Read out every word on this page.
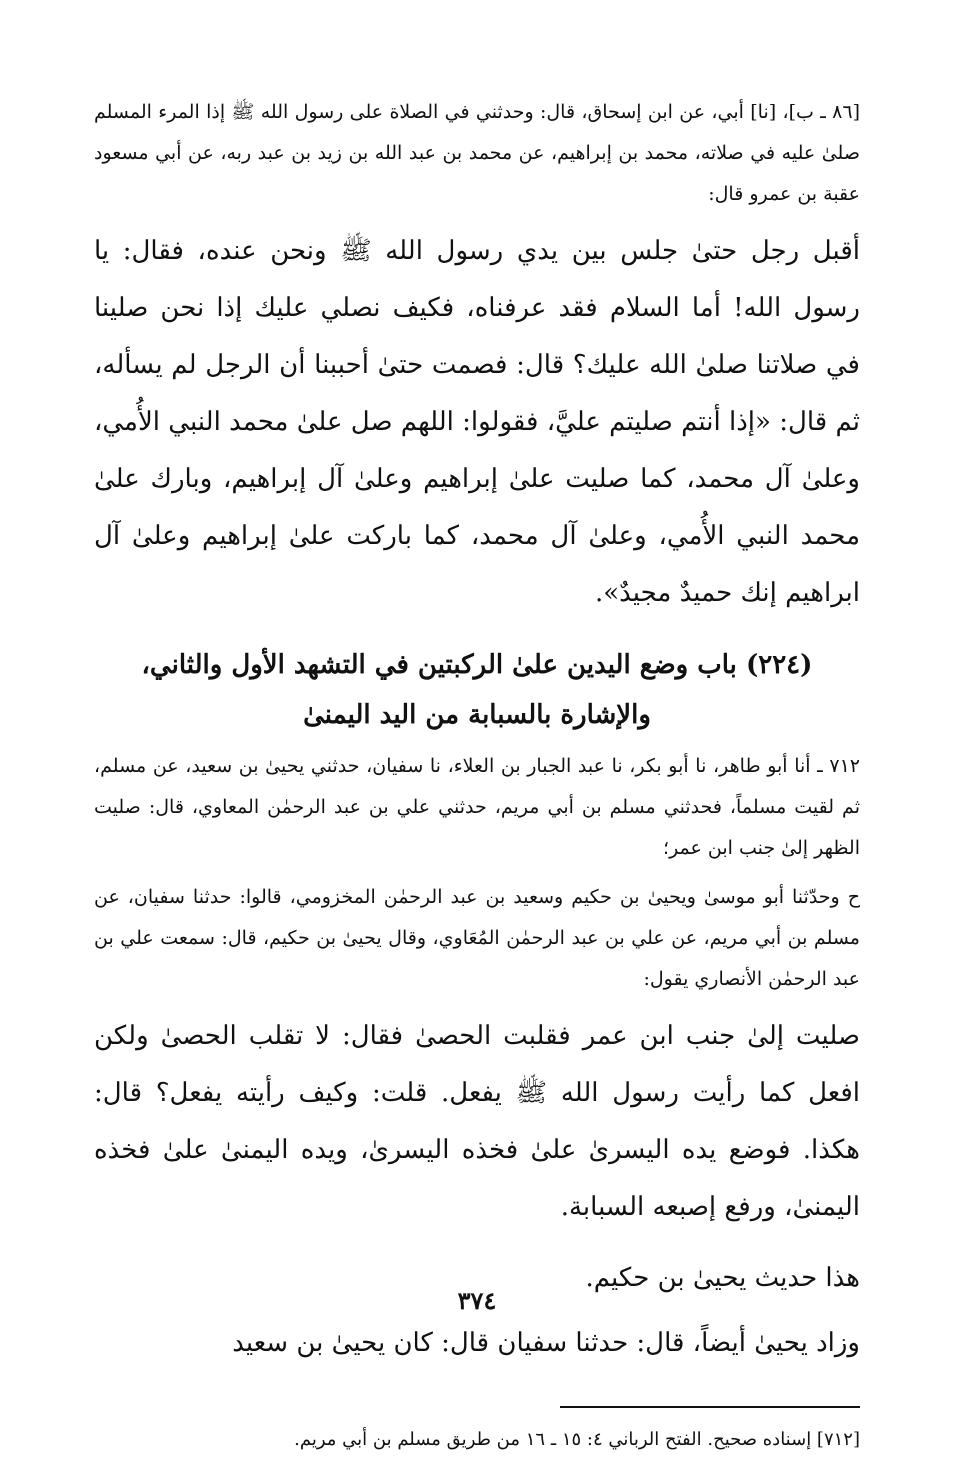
[٨٦ ـ ب]، [نا] أبي، عن ابن إسحاق، قال: وحدثني في الصلاة على رسول الله ﷺ إذا المرء المسلم صلىٰ عليه في صلاته، محمد بن إبراهيم، عن محمد بن عبد الله بن زيد بن عبد ربه، عن أبي مسعود عقبة بن عمرو قال:

أقبل رجل حتىٰ جلس بين يدي رسول الله ﷺ ونحن عنده، فقال: يا رسول الله! أما السلام فقد عرفناه، فكيف نصلي عليك إذا نحن صلينا في صلاتنا صلىٰ الله عليك؟ قال: فصمت حتىٰ أحببنا أن الرجل لم يسأله، ثم قال: «إذا أنتم صليتم عليَّ، فقولوا: اللهم صل علىٰ محمد النبي الأُمي، وعلىٰ آل محمد، كما صليت علىٰ إبراهيم وعلىٰ آل إبراهيم، وبارك علىٰ محمد النبي الأُمي، وعلىٰ آل محمد، كما باركت علىٰ إبراهيم وعلىٰ آل ابراهيم إنك حميدٌ مجيدٌ».

(٢٢٤) باب وضع اليدين علىٰ الركبتين في التشهد الأول والثاني، والإشارة بالسبابة من اليد اليمنىٰ

٧١٢ ـ أنا أبو طاهر، نا أبو بكر، نا عبد الجبار بن العلاء، نا سفيان، حدثني يحيىٰ بن سعيد، عن مسلم، ثم لقيت مسلماً، فحدثني مسلم بن أبي مريم، حدثني علي بن عبد الرحمٰن المعاوي، قال: صليت الظهر إلىٰ جنب ابن عمر؛

ح وحدّثنا أبو موسىٰ ويحيىٰ بن حكيم وسعيد بن عبد الرحمٰن المخزومي، قالوا: حدثنا سفيان، عن مسلم بن أبي مريم، عن علي بن عبد الرحمٰن المُعَاوي، وقال يحيىٰ بن حكيم، قال: سمعت علي بن عبد الرحمٰن الأنصاري يقول:

صليت إلىٰ جنب ابن عمر فقلبت الحصىٰ فقال: لا تقلب الحصىٰ ولكن افعل كما رأيت رسول الله ﷺ يفعل. قلت: وكيف رأيته يفعل؟ قال: هكذا. فوضع يده اليسرىٰ علىٰ فخذه اليسرىٰ، ويده اليمنىٰ علىٰ فخذه اليمنىٰ، ورفع إصبعه السبابة.

هذا حديث يحيىٰ بن حكيم.

وزاد يحيىٰ أيضاً، قال: حدثنا سفيان قال: كان يحيىٰ بن سعيد

[٧١٢] إسناده صحيح. الفتح الرباني ٤: ١٥ ـ ١٦ من طريق مسلم بن أبي مريم.

٣٧٤
